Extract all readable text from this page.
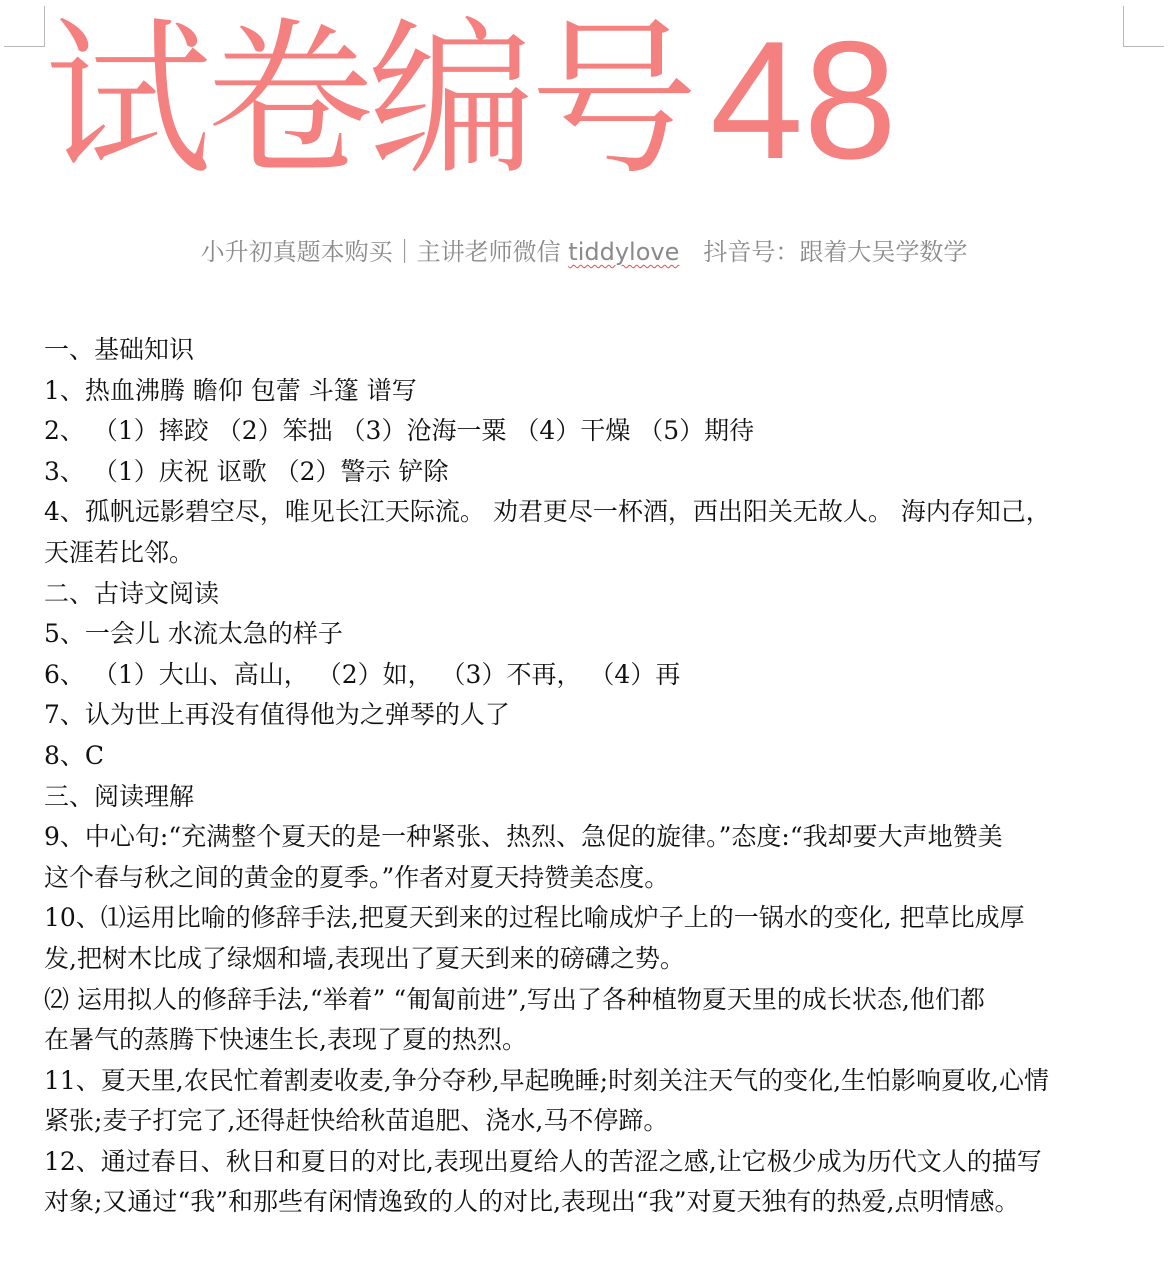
试卷编号 48
小升初真题本购买｜主讲老师微信 tiddylove　抖音号：跟着大吴学数学

一、基础知识

1、热血沸腾 瞻仰 包蕾 斗篷 谱写

2、 （1）摔跤 （2）笨拙 （3）沧海一粟 （4）干燥 （5）期待

3、 （1）庆祝 讴歌 （2）警示 铲除

4、孤帆远影碧空尽，唯见长江天际流。 劝君更尽一杯酒，西出阳关无故人。 海内存知己，

天涯若比邻。

二、古诗文阅读

5、一会儿 水流太急的样子

6、 （1）大山、高山， （2）如， （3）不再， （4）再

7、认为世上再没有值得他为之弹琴的人了

8、C

三、阅读理解

9、中心句:“充满整个夏天的是一种紧张、热烈、急促的旋律。”态度:“我却要大声地赞美

这个春与秋之间的黄金的夏季。”作者对夏天持赞美态度。

10、⑴运用比喻的修辞手法,把夏天到来的过程比喻成炉子上的一锅水的变化, 把草比成厚

发,把树木比成了绿烟和墙,表现出了夏天到来的磅礴之势。

⑵ 运用拟人的修辞手法,“举着” “匍匐前进”,写出了各种植物夏天里的成长状态,他们都

在暑气的蒸腾下快速生长,表现了夏的热烈。

11、夏天里,农民忙着割麦收麦,争分夺秒,早起晚睡;时刻关注天气的变化,生怕影响夏收,心情

紧张;麦子打完了,还得赶快给秋苗追肥、浇水,马不停蹄。

12、通过春日、秋日和夏日的对比,表现出夏给人的苦涩之感,让它极少成为历代文人的描写

对象;又通过“我”和那些有闲情逸致的人的对比,表现出“我”对夏天独有的热爱,点明情感。
